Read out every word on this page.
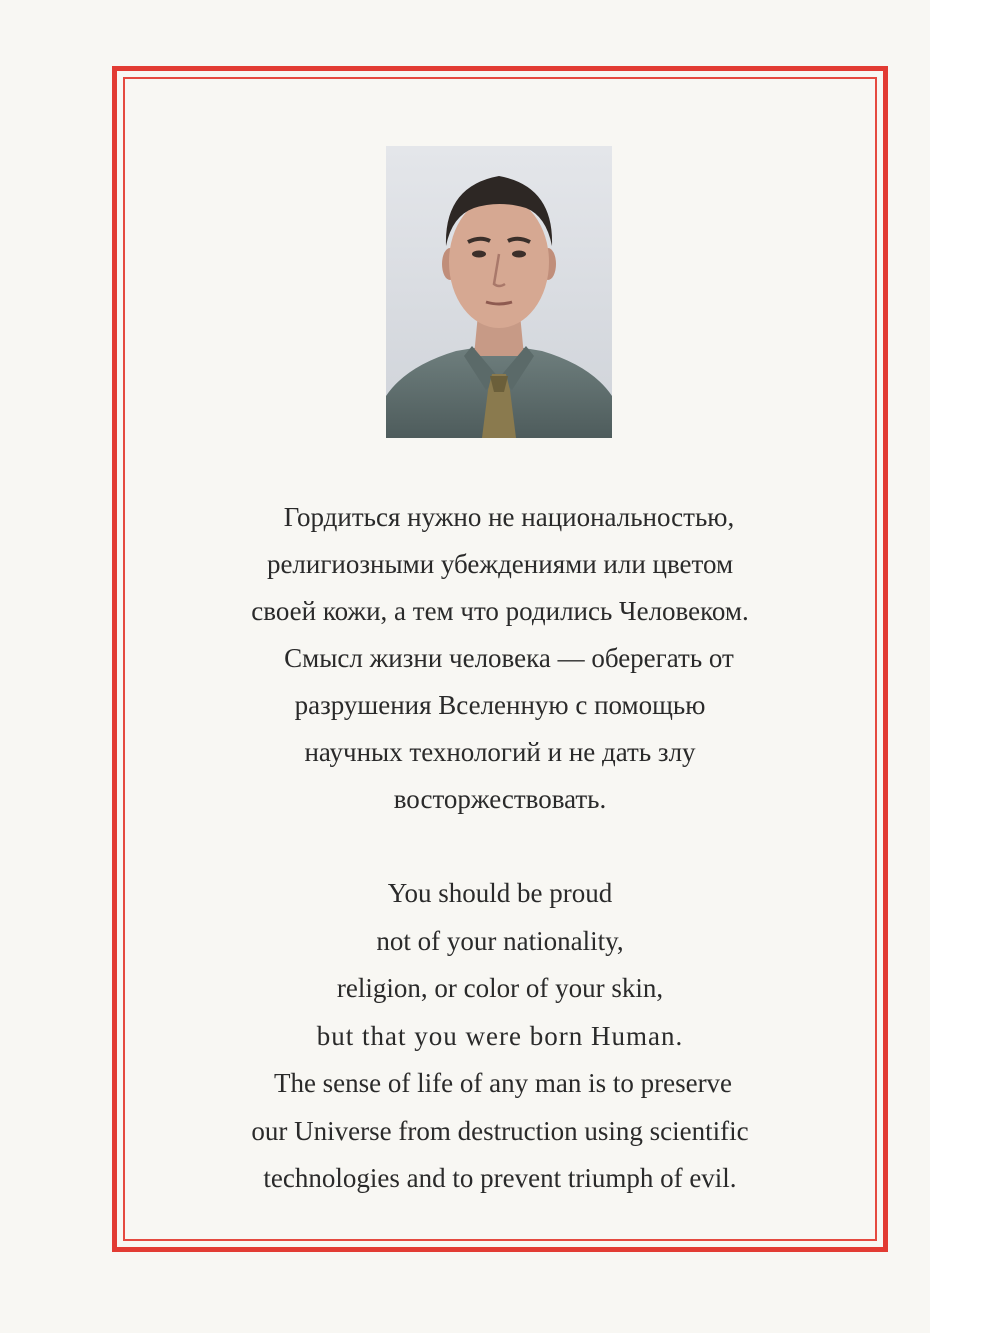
Гордиться нужно не национальностью,
религиозными убеждениями или цветом
своей кожи, а тем что родились Человеком.
Смысл жизни человека — оберегать от
разрушения Вселенную с помощью
научных технологий и не дать злу
восторжествовать.
You should be proud
not of your nationality,
religion, or color of your skin,
but that you were born Human.
The sense of life of any man is to preserve
our Universe from destruction using scientific
technologies and to prevent triumph of evil.
